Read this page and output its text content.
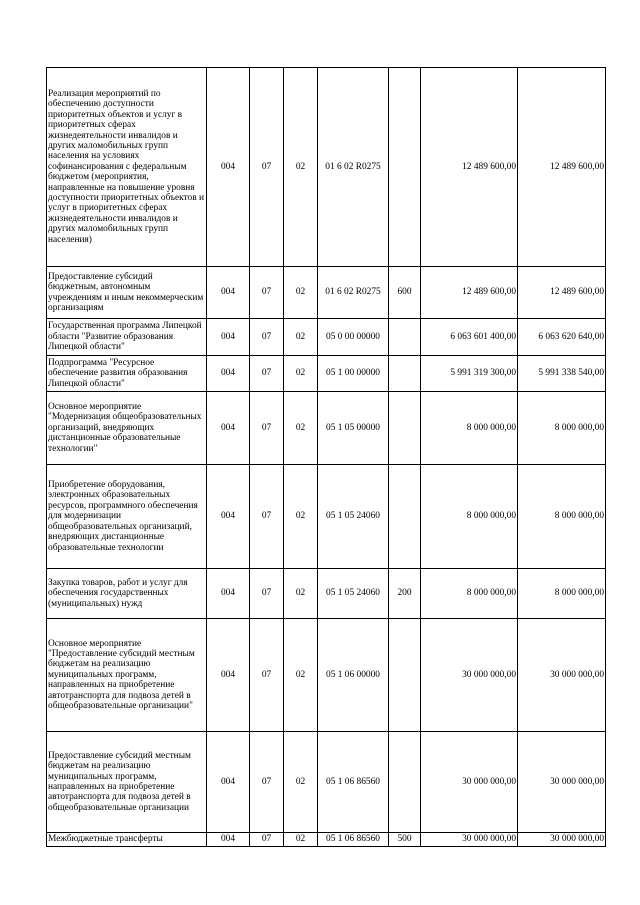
Реализация мероприятий по обеспечению доступности приоритетных объектов и услуг в приоритетных сферах жизнедеятельности инвалидов и других маломобильных групп населения на условиях софинансирования с федеральным бюджетом (мероприятия, направленные на повышение уровня доступности приоритетных объектов и услуг в приоритетных сферах жизнедеятельности инвалидов и других маломобильных групп населения)	004	07	02	01 6 02 R0275		12 489 600,00	12 489 600,00
Предоставление субсидий бюджетным, автономным учреждениям и иным некоммерческим организациям	004	07	02	01 6 02 R0275	600	12 489 600,00	12 489 600,00
Государственная программа Липецкой области "Развитие образования Липецкой области"	004	07	02	05 0 00 00000		6 063 601 400,00	6 063 620 640,00
Подпрограмма "Ресурсное обеспечение развития образования Липецкой области"	004	07	02	05 1 00 00000		5 991 319 300,00	5 991 338 540,00
Основное мероприятие "Модернизация общеобразовательных организаций, внедряющих дистанционные образовательные технологии"	004	07	02	05 1 05 00000		8 000 000,00	8 000 000,00
Приобретение оборудования, электронных образовательных ресурсов, программного обеспечения для модернизации общеобразовательных организаций, внедряющих дистанционные образовательные технологии	004	07	02	05 1 05 24060		8 000 000,00	8 000 000,00
Закупка товаров, работ и услуг для обеспечения государственных (муниципальных) нужд	004	07	02	05 1 05 24060	200	8 000 000,00	8 000 000,00
Основное мероприятие "Предоставление субсидий местным бюджетам на реализацию муниципальных программ, направленных на приобретение автотранспорта для подвоза детей в общеобразовательные организации"	004	07	02	05 1 06 00000		30 000 000,00	30 000 000,00
Предоставление субсидий местным бюджетам на реализацию муниципальных программ, направленных на приобретение автотранспорта для подвоза детей в общеобразовательные организации	004	07	02	05 1 06 86560		30 000 000,00	30 000 000,00
Межбюджетные трансферты	004	07	02	05 1 06 86560	500	30 000 000,00	30 000 000,00
